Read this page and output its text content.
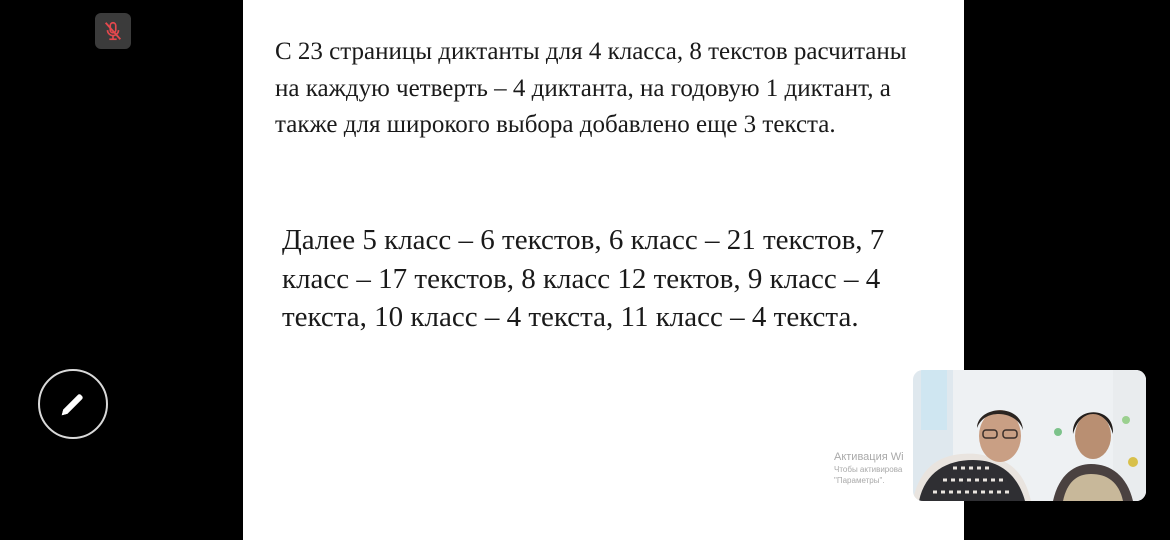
С 23 страницы диктанты для 4 класса, 8 текстов расчитаны на каждую четверть – 4 диктанта, на годовую 1 диктант, а также для широкого выбора добавлено еще 3 текста.

Далее 5 класс – 6 текстов, 6 класс – 21 текстов, 7 класс – 17 текстов, 8 класс 12 тектов, 9 класс – 4 текста, 10 класс – 4 текста, 11 класс – 4 текста.

Активация Wi
Чтобы активирова
"Параметры".
